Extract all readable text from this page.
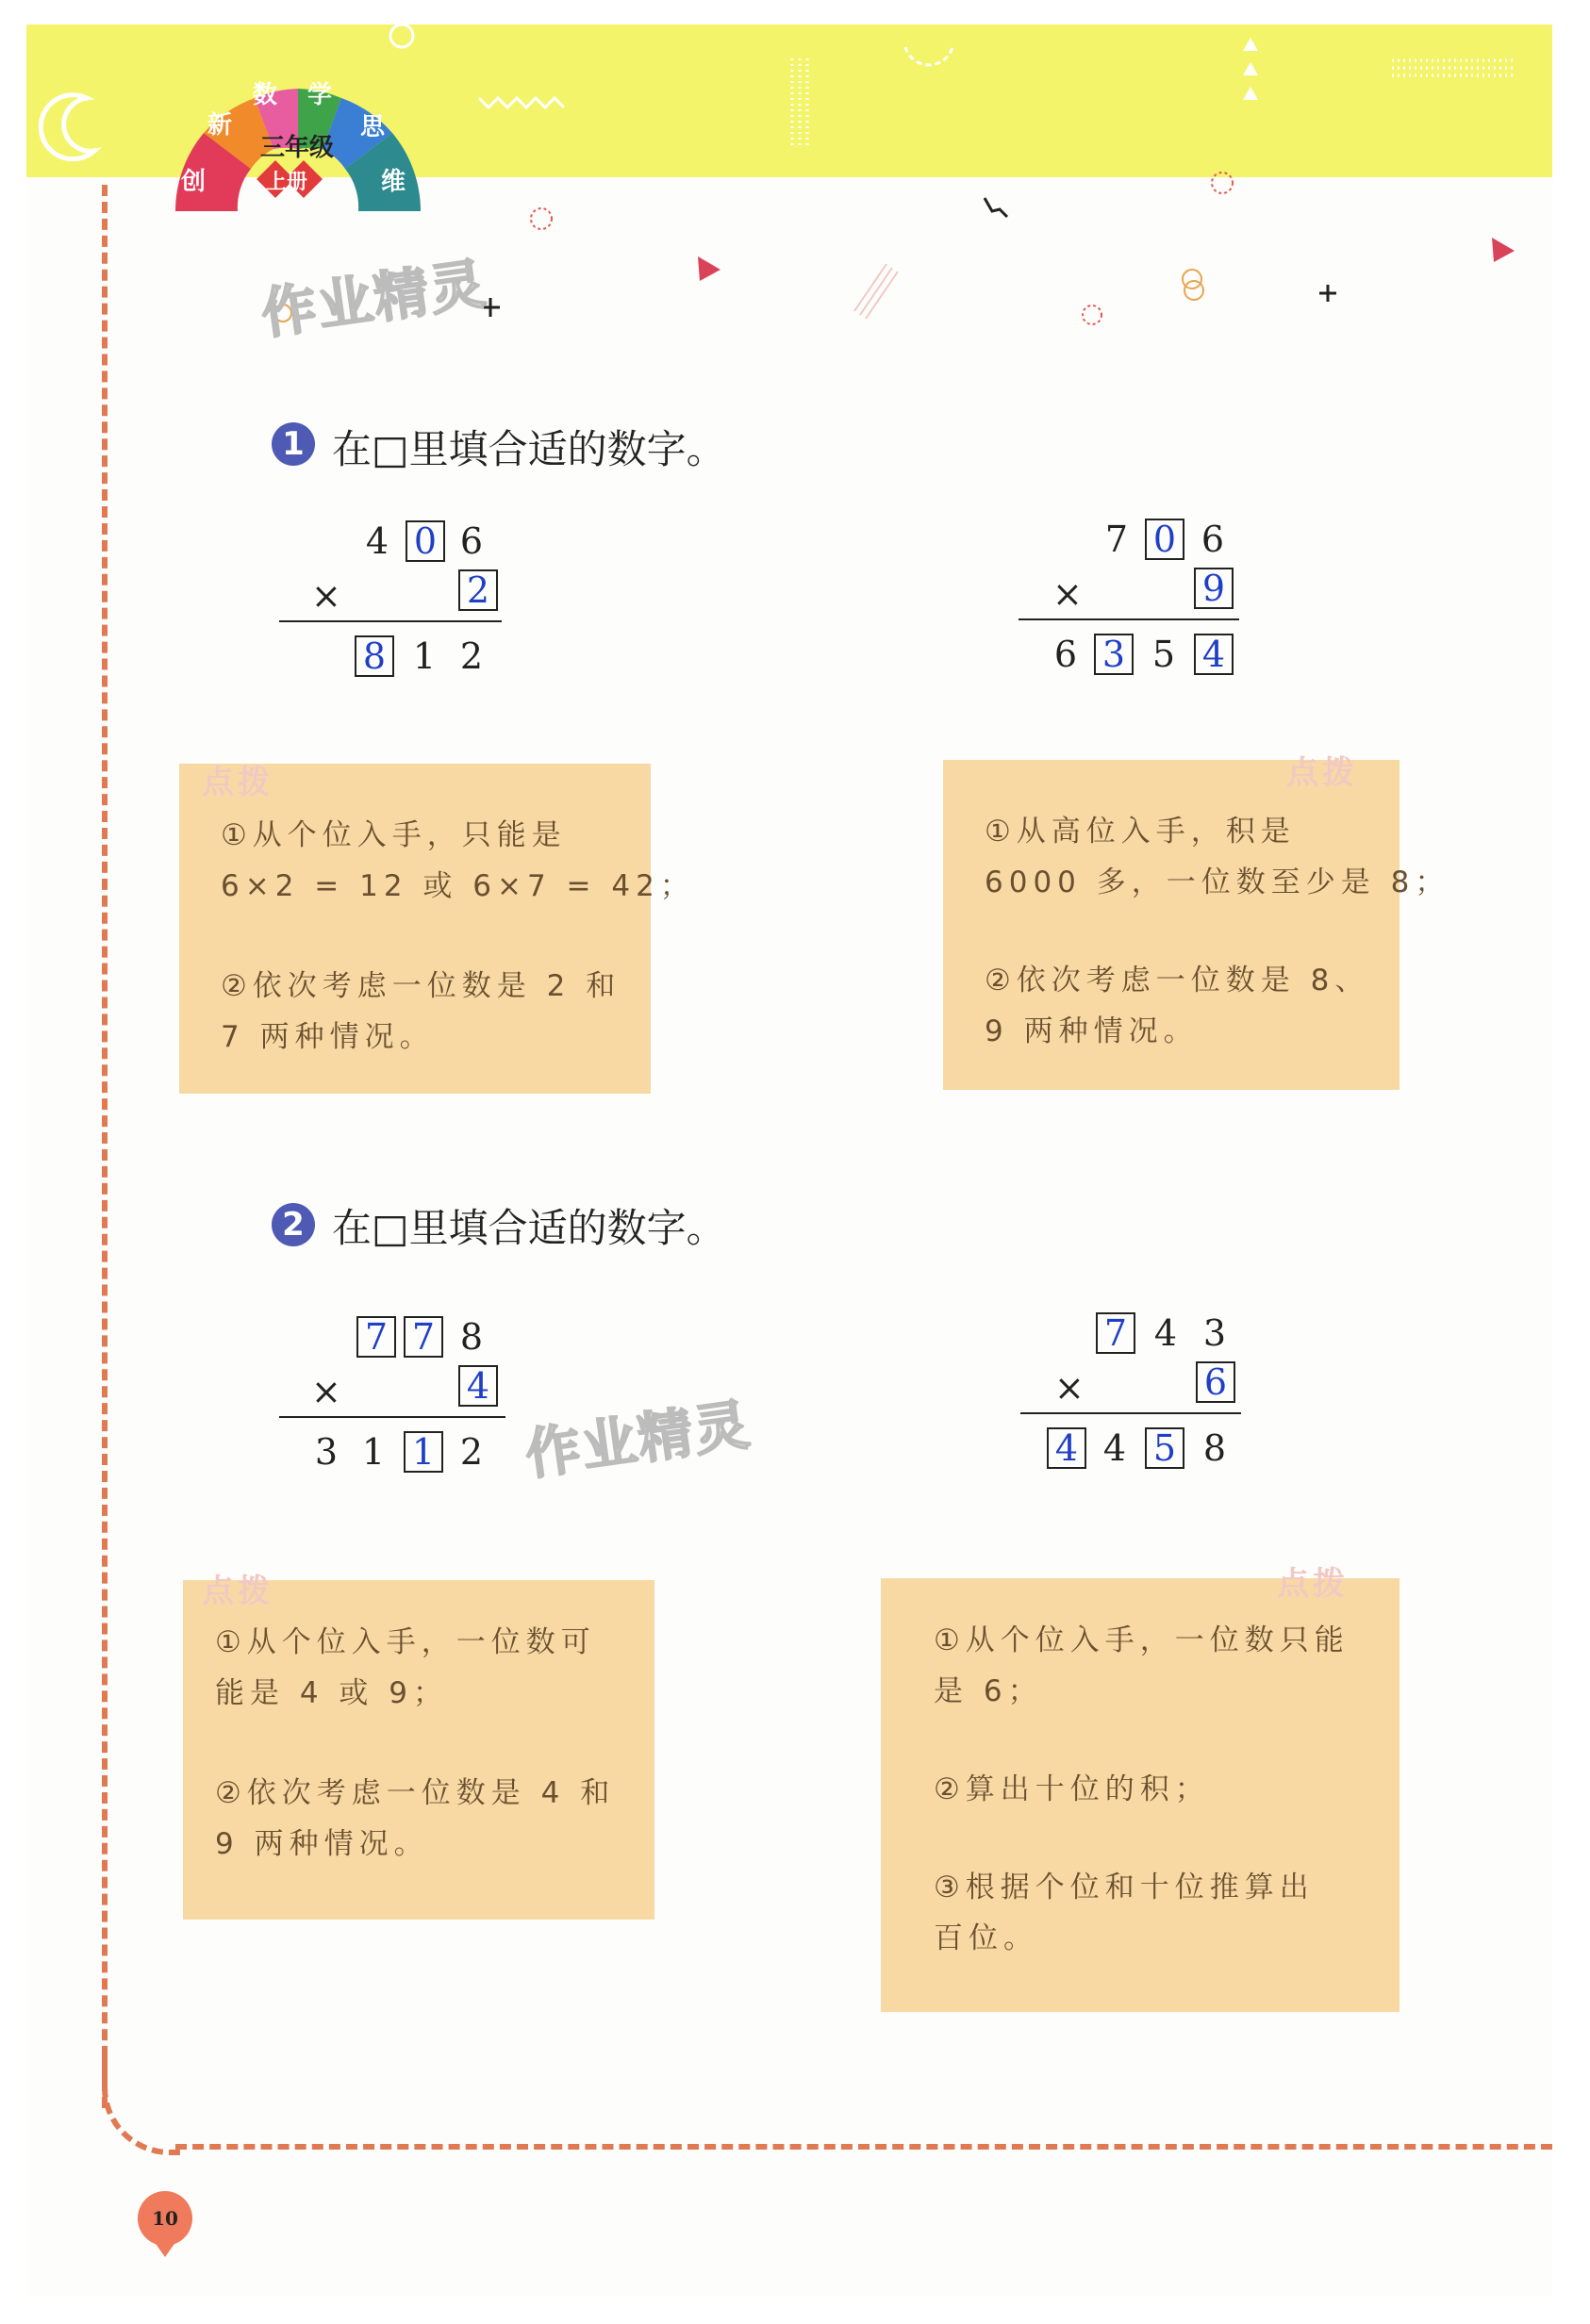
创
新
数 学
思
维
三年级
上册
作业精灵
作业精灵
1 在□里填合适的数字。
4 0 6
×	2
8 1 2
7 0 6
×	9
6 3 5 4
点拨
①从个位入手，只能是
6×2 = 12 或 6×7 = 42；
②依次考虑一位数是 2 和
7 两种情况。
点拨
①从高位入手，积是
6000 多，一位数至少是 8；
②依次考虑一位数是 8、
9 两种情况。
2 在□里填合适的数字。
7 7 8
×	4
3 1 1 2
7 4 3
×	6
4 4 5 8
点拨
①从个位入手，一位数可
能是 4 或 9；
②依次考虑一位数是 4 和
9 两种情况。
点拨
①从个位入手，一位数只能
是 6；
②算出十位的积；
③根据个位和十位推算出
百位。
10
